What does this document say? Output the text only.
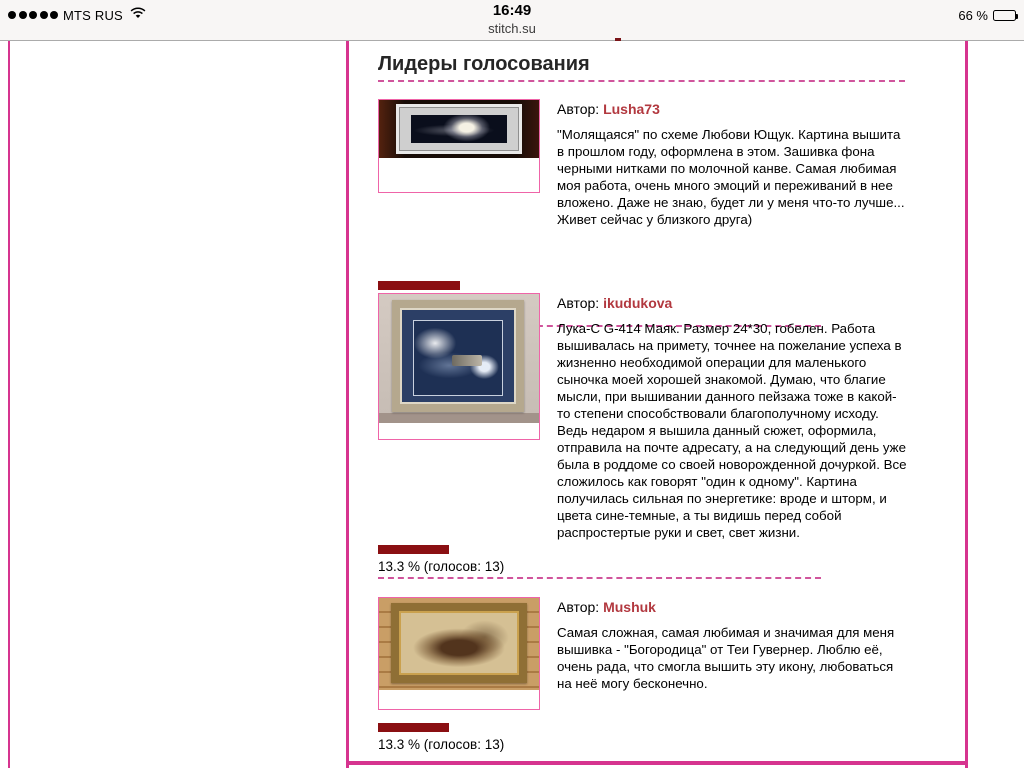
MTS RUS	16:49
stitch.su
66 %
Лидеры голосования
Автор: Lusha73

"Молящаяся" по схеме Любови Ющук. Картина вышита в прошлом году, оформлена в этом. Зашивка фона черными нитками по молочной канве. Самая любимая моя работа, очень много эмоций и переживаний в нее вложено. Даже не знаю, будет ли у меня что-то лучше... Живет сейчас у близкого друга)

Автор: ikudukova

Лука-С G-414 Маяк. Размер 24*30, гобелен. Работа вышивалась на примету, точнее на пожелание успеха в жизненно необходимой операции для маленького сыночка моей хорошей знакомой. Думаю, что благие мысли, при вышивании данного пейзажа тоже в какой-то степени способствовали благополучному исходу. Ведь недаром я вышила данный сюжет, оформила, отправила на почте адресату, а на следующий день уже была в роддоме со своей новорожденной дочуркой. Все сложилось как говорят "один к одному". Картина получилась сильная по энергетике: вроде и шторм, и цвета сине-темные, а ты видишь перед собой распростертые руки и свет, свет жизни.

13.3 % (голосов: 13)
Автор: Mushuk

Самая сложная, самая любимая и значимая для меня вышивка - "Богородица" от Теи Гувернер. Люблю её, очень рада, что смогла вышить эту икону, любоваться на неё могу бесконечно.

13.3 % (голосов: 13)
